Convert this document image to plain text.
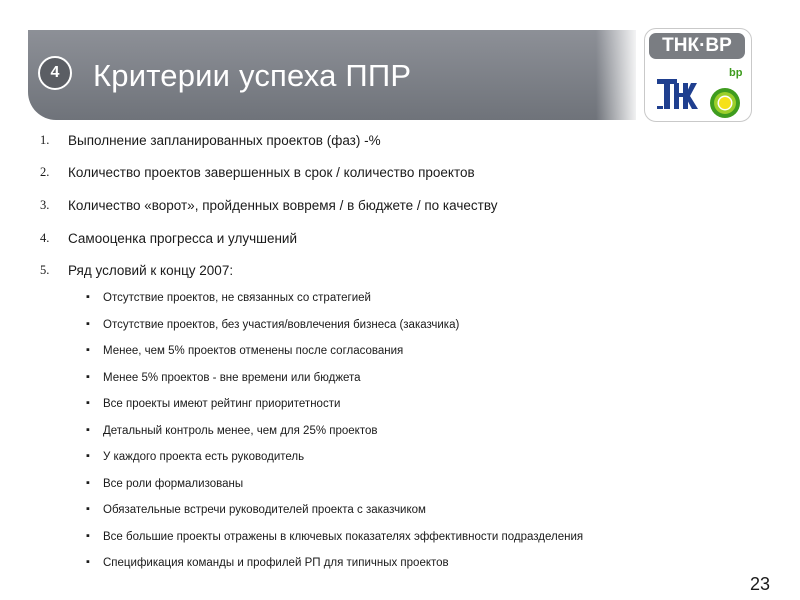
4	Критерии успеха ППР
ТНК·ВР
bp
1.	Выполнение запланированных проектов (фаз) -%
2.	Количество проектов завершенных в срок / количество проектов
3.	Количество «ворот», пройденных вовремя / в бюджете / по качеству
4.	Самооценка прогресса и улучшений
5.	Ряд условий к концу 2007:
▪ Отсутствие проектов, не связанных со стратегией
▪ Отсутствие проектов, без участия/вовлечения бизнеса (заказчика)
▪ Менее, чем 5% проектов отменены после согласования
▪ Менее 5% проектов - вне времени или бюджета
▪ Все проекты имеют рейтинг приоритетности
▪ Детальный контроль менее, чем для 25% проектов
▪ У каждого проекта есть руководитель
▪ Все роли формализованы
▪ Обязательные встречи руководителей проекта с заказчиком
▪ Все большие проекты отражены в ключевых показателях эффективности подразделения
▪ Спецификация команды и профилей РП для типичных проектов
23
